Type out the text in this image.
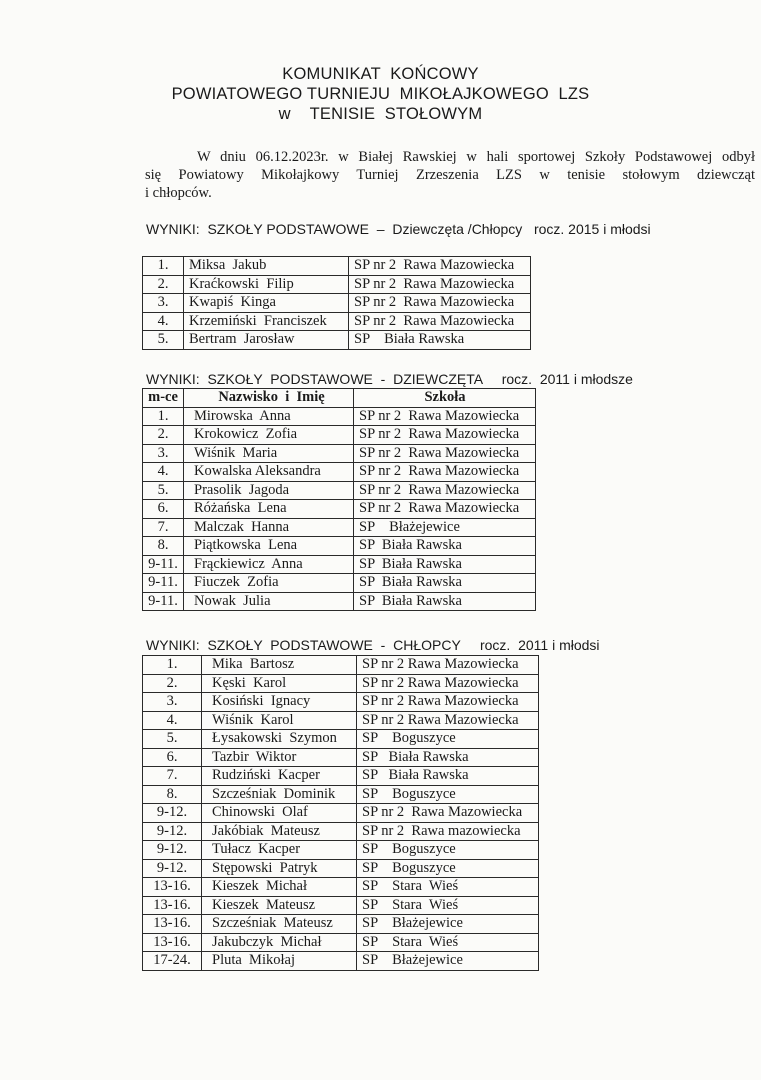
KOMUNIKAT  KOŃCOWY
POWIATOWEGO TURNIEJU  MIKOŁAJKOWEGO  LZS
w    TENISIE  STOŁOWYM

W dniu 06.12.2023r. w Białej Rawskiej w hali sportowej Szkoły Podstawowej odbył

się Powiatowy Mikołajkowy Turniej Zrzeszenia LZS w tenisie stołowym dziewcząt

i chłopców.

WYNIKI:  SZKOŁY PODSTAWOWE  –  Dziewczęta /Chłopcy   rocz. 2015 i młodsi
1.	Miksa  Jakub	SP nr 2  Rawa Mazowiecka
2.	Kraćkowski  Filip	SP nr 2  Rawa Mazowiecka
3.	Kwapiś  Kinga	SP nr 2  Rawa Mazowiecka
4.	Krzemiński  Franciszek	SP nr 2  Rawa Mazowiecka
5.	Bertram  Jarosław	SP    Biała Rawska
WYNIKI:  SZKOŁY  PODSTAWOWE  -  DZIEWCZĘTA     rocz.  2011 i młodsze
m-ce	Nazwisko  i  Imię	Szkoła
1.	Mirowska  Anna	SP nr 2  Rawa Mazowiecka
2.	Krokowicz  Zofia	SP nr 2  Rawa Mazowiecka
3.	Wiśnik  Maria	SP nr 2  Rawa Mazowiecka
4.	Kowalska Aleksandra	SP nr 2  Rawa Mazowiecka
5.	Prasolik  Jagoda	SP nr 2  Rawa Mazowiecka
6.	Różańska  Lena	SP nr 2  Rawa Mazowiecka
7.	Malczak  Hanna	SP    Błażejewice
8.	Piątkowska  Lena	SP  Biała Rawska
9-11.	Frąckiewicz  Anna	SP  Biała Rawska
9-11.	Fiuczek  Zofia	SP  Biała Rawska
9-11.	Nowak  Julia	SP  Biała Rawska
WYNIKI:  SZKOŁY  PODSTAWOWE  -  CHŁOPCY     rocz.  2011 i młodsi
1.	Mika  Bartosz	SP nr 2 Rawa Mazowiecka
2.	Kęski  Karol	SP nr 2 Rawa Mazowiecka
3.	Kosiński  Ignacy	SP nr 2 Rawa Mazowiecka
4.	Wiśnik  Karol	SP nr 2 Rawa Mazowiecka
5.	Łysakowski  Szymon	SP    Boguszyce
6.	Tazbir  Wiktor	SP   Biała Rawska
7.	Rudziński  Kacper	SP   Biała Rawska
8.	Szcześniak  Dominik	SP    Boguszyce
9-12.	Chinowski  Olaf	SP nr 2  Rawa Mazowiecka
9-12.	Jakóbiak  Mateusz	SP nr 2  Rawa mazowiecka
9-12.	Tułacz  Kacper	SP    Boguszyce
9-12.	Stępowski  Patryk	SP    Boguszyce
13-16.	Kieszek  Michał	SP    Stara  Wieś
13-16.	Kieszek  Mateusz	SP    Stara  Wieś
13-16.	Szcześniak  Mateusz	SP    Błażejewice
13-16.	Jakubczyk  Michał	SP    Stara  Wieś
17-24.	Pluta  Mikołaj	SP    Błażejewice
